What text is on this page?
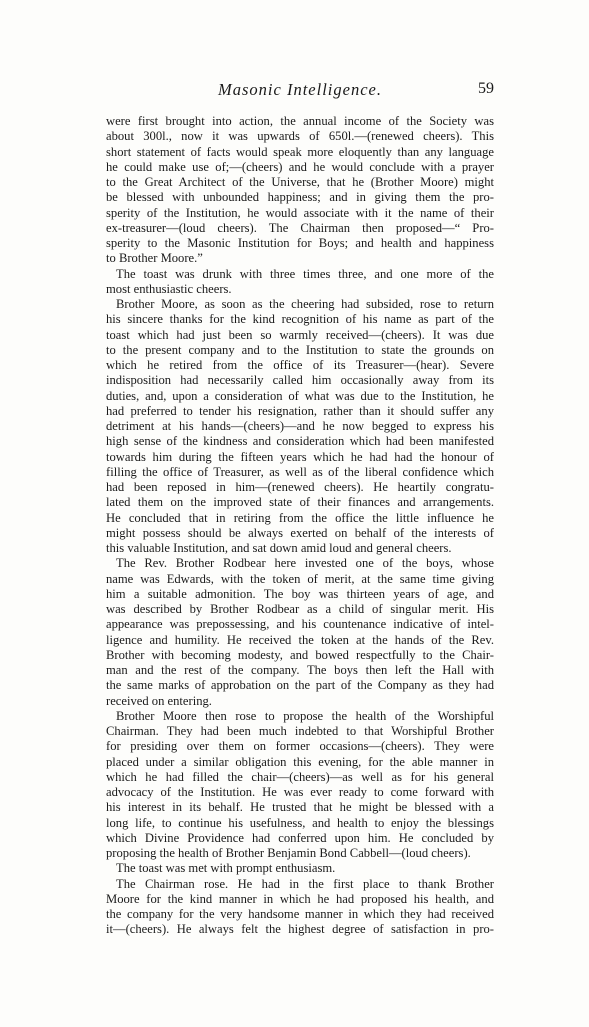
Masonic Intelligence.	59
were first brought into action, the annual income of the Society was
about 300l., now it was upwards of 650l.—(renewed cheers). This
short statement of facts would speak more eloquently than any language
he could make use of;—(cheers) and he would conclude with a prayer
to the Great Architect of the Universe, that he (Brother Moore) might
be blessed with unbounded happiness; and in giving them the pro-
sperity of the Institution, he would associate with it the name of their
ex-treasurer—(loud cheers). The Chairman then proposed—“ Pro-
sperity to the Masonic Institution for Boys; and health and happiness
to Brother Moore.”
The toast was drunk with three times three, and one more of the
most enthusiastic cheers.
Brother Moore, as soon as the cheering had subsided, rose to return
his sincere thanks for the kind recognition of his name as part of the
toast which had just been so warmly received—(cheers). It was due
to the present company and to the Institution to state the grounds on
which he retired from the office of its Treasurer—(hear). Severe
indisposition had necessarily called him occasionally away from its
duties, and, upon a consideration of what was due to the Institution, he
had preferred to tender his resignation, rather than it should suffer any
detriment at his hands—(cheers)—and he now begged to express his
high sense of the kindness and consideration which had been manifested
towards him during the fifteen years which he had had the honour of
filling the office of Treasurer, as well as of the liberal confidence which
had been reposed in him—(renewed cheers). He heartily congratu-
lated them on the improved state of their finances and arrangements.
He concluded that in retiring from the office the little influence he
might possess should be always exerted on behalf of the interests of
this valuable Institution, and sat down amid loud and general cheers.
The Rev. Brother Rodbear here invested one of the boys, whose
name was Edwards, with the token of merit, at the same time giving
him a suitable admonition. The boy was thirteen years of age, and
was described by Brother Rodbear as a child of singular merit. His
appearance was prepossessing, and his countenance indicative of intel-
ligence and humility. He received the token at the hands of the Rev.
Brother with becoming modesty, and bowed respectfully to the Chair-
man and the rest of the company. The boys then left the Hall with
the same marks of approbation on the part of the Company as they had
received on entering.
Brother Moore then rose to propose the health of the Worshipful
Chairman. They had been much indebted to that Worshipful Brother
for presiding over them on former occasions—(cheers). They were
placed under a similar obligation this evening, for the able manner in
which he had filled the chair—(cheers)—as well as for his general
advocacy of the Institution. He was ever ready to come forward with
his interest in its behalf. He trusted that he might be blessed with a
long life, to continue his usefulness, and health to enjoy the blessings
which Divine Providence had conferred upon him. He concluded by
proposing the health of Brother Benjamin Bond Cabbell—(loud cheers).
The toast was met with prompt enthusiasm.
The Chairman rose. He had in the first place to thank Brother
Moore for the kind manner in which he had proposed his health, and
the company for the very handsome manner in which they had received
it—(cheers). He always felt the highest degree of satisfaction in pro-
